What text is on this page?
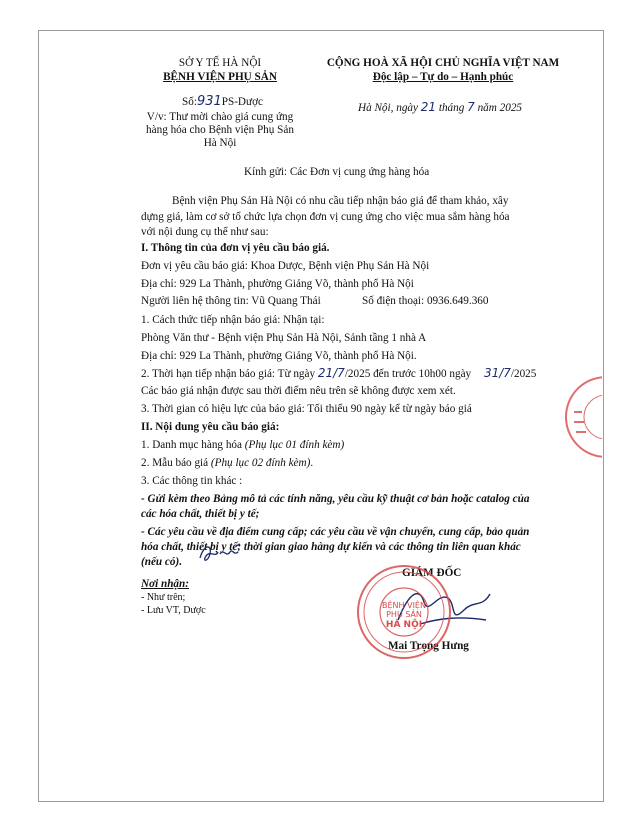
SỞ Y TẾ HÀ NỘI
BỆNH VIỆN PHỤ SẢN
Số:931PS-Dược
V/v: Thư mời chào giá cung ứng
hàng hóa cho Bệnh viện Phụ Sản
Hà Nội
CỘNG HOÀ XÃ HỘI CHỦ NGHĨA VIỆT NAM
Độc lập – Tự do – Hạnh phúc
Hà Nội, ngày 21 tháng 7 năm 2025
Kính gửi: Các Đơn vị cung ứng hàng hóa
Bệnh viện Phụ Sản Hà Nội có nhu cầu tiếp nhận báo giá để tham khảo, xây
dựng giá, làm cơ sở tổ chức lựa chọn đơn vị cung ứng cho việc mua sắm hàng hóa
với nội dung cụ thể như sau:
I. Thông tin của đơn vị yêu cầu báo giá.
Đơn vị yêu cầu báo giá: Khoa Dược, Bệnh viện Phụ Sản Hà Nội
Địa chỉ: 929 La Thành, phường Giảng Võ, thành phố Hà Nội
Người liên hệ thông tin: Vũ Quang Thái	Số điện thoại: 0936.649.360
1. Cách thức tiếp nhận báo giá: Nhận tại:
Phòng Văn thư - Bệnh viện Phụ Sản Hà Nội, Sảnh tầng 1 nhà A
Địa chỉ: 929 La Thành, phường Giảng Võ, thành phố Hà Nội.
2. Thời hạn tiếp nhận báo giá: Từ ngày 21/7/2025 đến trước 10h00 ngày 31/7/2025
Các báo giá nhận được sau thời điểm nêu trên sẽ không được xem xét.
3. Thời gian có hiệu lực của báo giá: Tối thiểu 90 ngày kể từ ngày báo giá
II. Nội dung yêu cầu báo giá:
1. Danh mục hàng hóa (Phụ lục 01 đính kèm)
2. Mẫu báo giá (Phụ lục 02 đính kèm).
3. Các thông tin khác :
- Gửi kèm theo Bảng mô tả các tính năng, yêu cầu kỹ thuật cơ bản hoặc catalog của
các hóa chất, thiết bị y tế;
- Các yêu cầu về địa điểm cung cấp; các yêu cầu về vận chuyển, cung cấp, bảo quản
hóa chất, thiết bị y tế; thời gian giao hàng dự kiến và các thông tin liên quan khác
(nếu có).
Nơi nhận:
- Như trên;
- Lưu VT, Dược
GIÁM ĐỐC
Mai Trọng Hưng
BỆNH VIỆN
PHỤ SẢN
HÀ NỘI
